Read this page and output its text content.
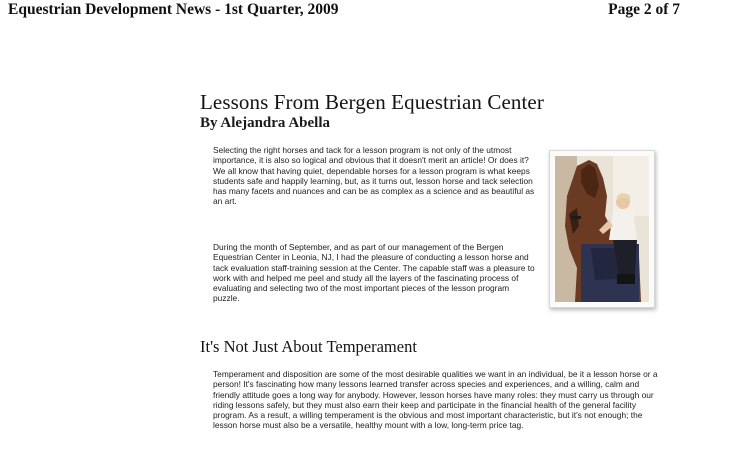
Equestrian Development News - 1st Quarter, 2009	Page 2 of 7
Lessons From Bergen Equestrian Center
By Alejandra Abella

Selecting the right horses and tack for a lesson program is not only of the utmost importance, it is also so logical and obvious that it doesn't merit an article! Or does it? We all know that having quiet, dependable horses for a lesson program is what keeps students safe and happily learning, but, as it turns out, lesson horse and tack selection has many facets and nuances and can be as complex as a science and as beautiful as an art.

During the month of September, and as part of our management of the Bergen Equestrian Center in Leonia, NJ, I had the pleasure of conducting a lesson horse and tack evaluation staff-training session at the Center. The capable staff was a pleasure to work with and helped me peel and study all the layers of the fascinating process of evaluating and selecting two of the most important pieces of the lesson program puzzle.

It's Not Just About Temperament

Temperament and disposition are some of the most desirable qualities we want in an individual, be it a lesson horse or a person! It's fascinating how many lessons learned transfer across species and experiences, and a willing, calm and friendly attitude goes a long way for anybody. However, lesson horses have many roles: they must carry us through our riding lessons safely, but they must also earn their keep and participate in the financial health of the general facility program. As a result, a willing temperament is the obvious and most important characteristic, but it's not enough; the lesson horse must also be a versatile, healthy mount with a low, long-term price tag.
